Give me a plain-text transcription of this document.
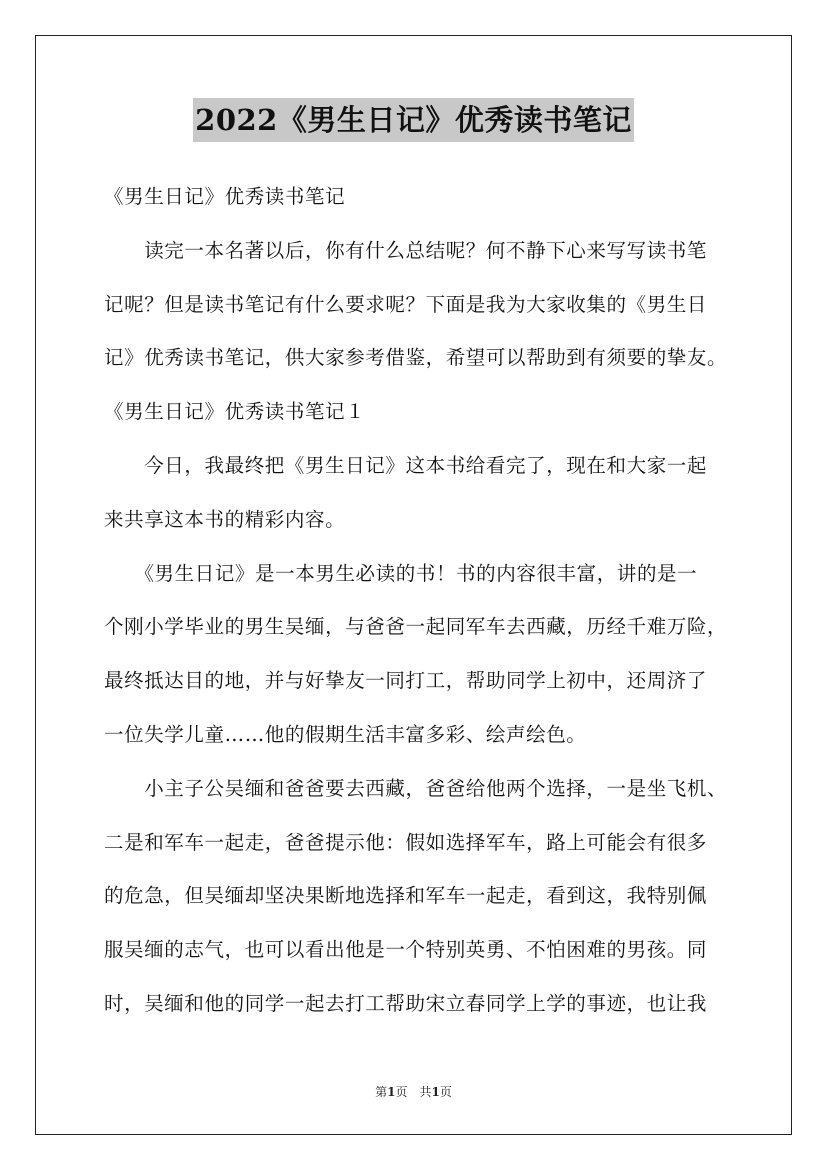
2022《男生日记》优秀读书笔记
《男生日记》优秀读书笔记
　　读完一本名著以后，你有什么总结呢？何不静下心来写写读书笔
记呢？但是读书笔记有什么要求呢？下面是我为大家收集的《男生日
记》优秀读书笔记，供大家参考借鉴，希望可以帮助到有须要的挚友。
《男生日记》优秀读书笔记１
　　今日，我最终把《男生日记》这本书给看完了，现在和大家一起
来共享这本书的精彩内容。
　　《男生日记》是一本男生必读的书！书的内容很丰富，讲的是一
个刚小学毕业的男生吴缅，与爸爸一起同军车去西藏，历经千难万险，
最终抵达目的地，并与好挚友一同打工，帮助同学上初中，还周济了
一位失学儿童……他的假期生活丰富多彩、绘声绘色。
　　小主子公吴缅和爸爸要去西藏，爸爸给他两个选择，一是坐飞机、
二是和军车一起走，爸爸提示他：假如选择军车，路上可能会有很多
的危急，但吴缅却坚决果断地选择和军车一起走，看到这，我特别佩
服吴缅的志气，也可以看出他是一个特别英勇、不怕困难的男孩。同
时，吴缅和他的同学一起去打工帮助宋立春同学上学的事迹，也让我
第1页　共1页
